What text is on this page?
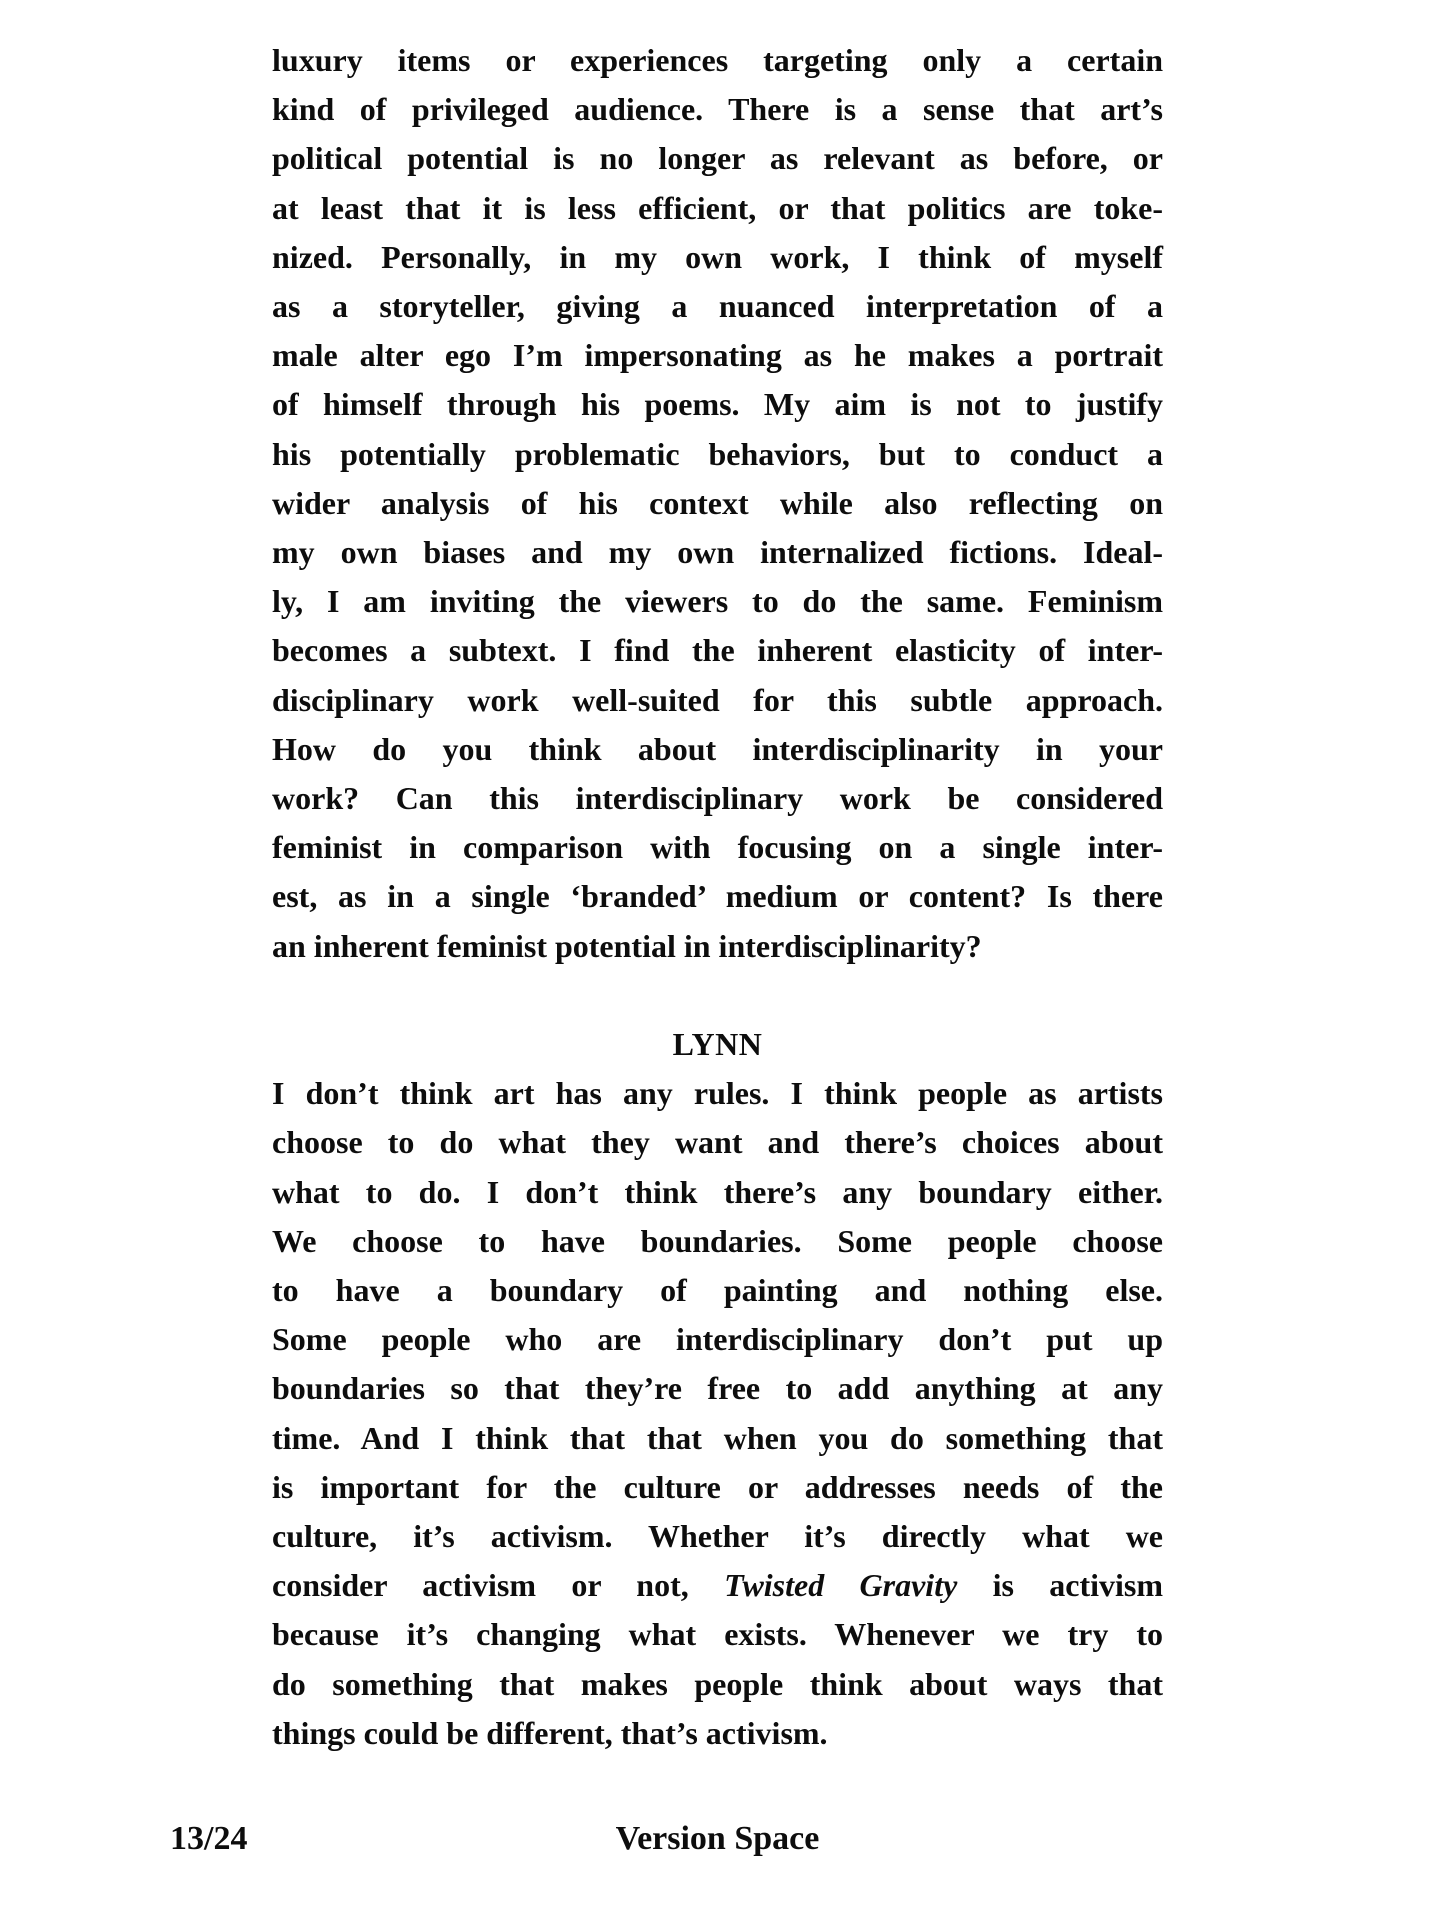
luxury items or experiences targeting only a certain
kind of privileged audience. There is a sense that art’s
political potential is no longer as relevant as before, or
at least that it is less efficient, or that politics are toke-
nized. Personally, in my own work, I think of myself
as a storyteller, giving a nuanced interpretation of a
male alter ego I’m impersonating as he makes a portrait
of himself through his poems. My aim is not to justify
his potentially problematic behaviors, but to conduct a
wider analysis of his context while also reflecting on
my own biases and my own internalized fictions. Ideal-
ly, I am inviting the viewers to do the same. Feminism
becomes a subtext. I find the inherent elasticity of inter-
disciplinary work well-suited for this subtle approach.
How do you think about interdisciplinarity in your
work? Can this interdisciplinary work be considered
feminist in comparison with focusing on a single inter-
est, as in a single ‘branded’ medium or content? Is there
an inherent feminist potential in interdisciplinarity?
LYNN
I don’t think art has any rules. I think people as artists
choose to do what they want and there’s choices about
what to do. I don’t think there’s any boundary either.
We choose to have boundaries. Some people choose
to have a boundary of painting and nothing else.
Some people who are interdisciplinary don’t put up
boundaries so that they’re free to add anything at any
time. And I think that that when you do something that
is important for the culture or addresses needs of the
culture, it’s activism. Whether it’s directly what we
consider activism or not, Twisted Gravity is activism
because it’s changing what exists. Whenever we try to
do something that makes people think about ways that
things could be different, that’s activism.
13/24	Version Space
